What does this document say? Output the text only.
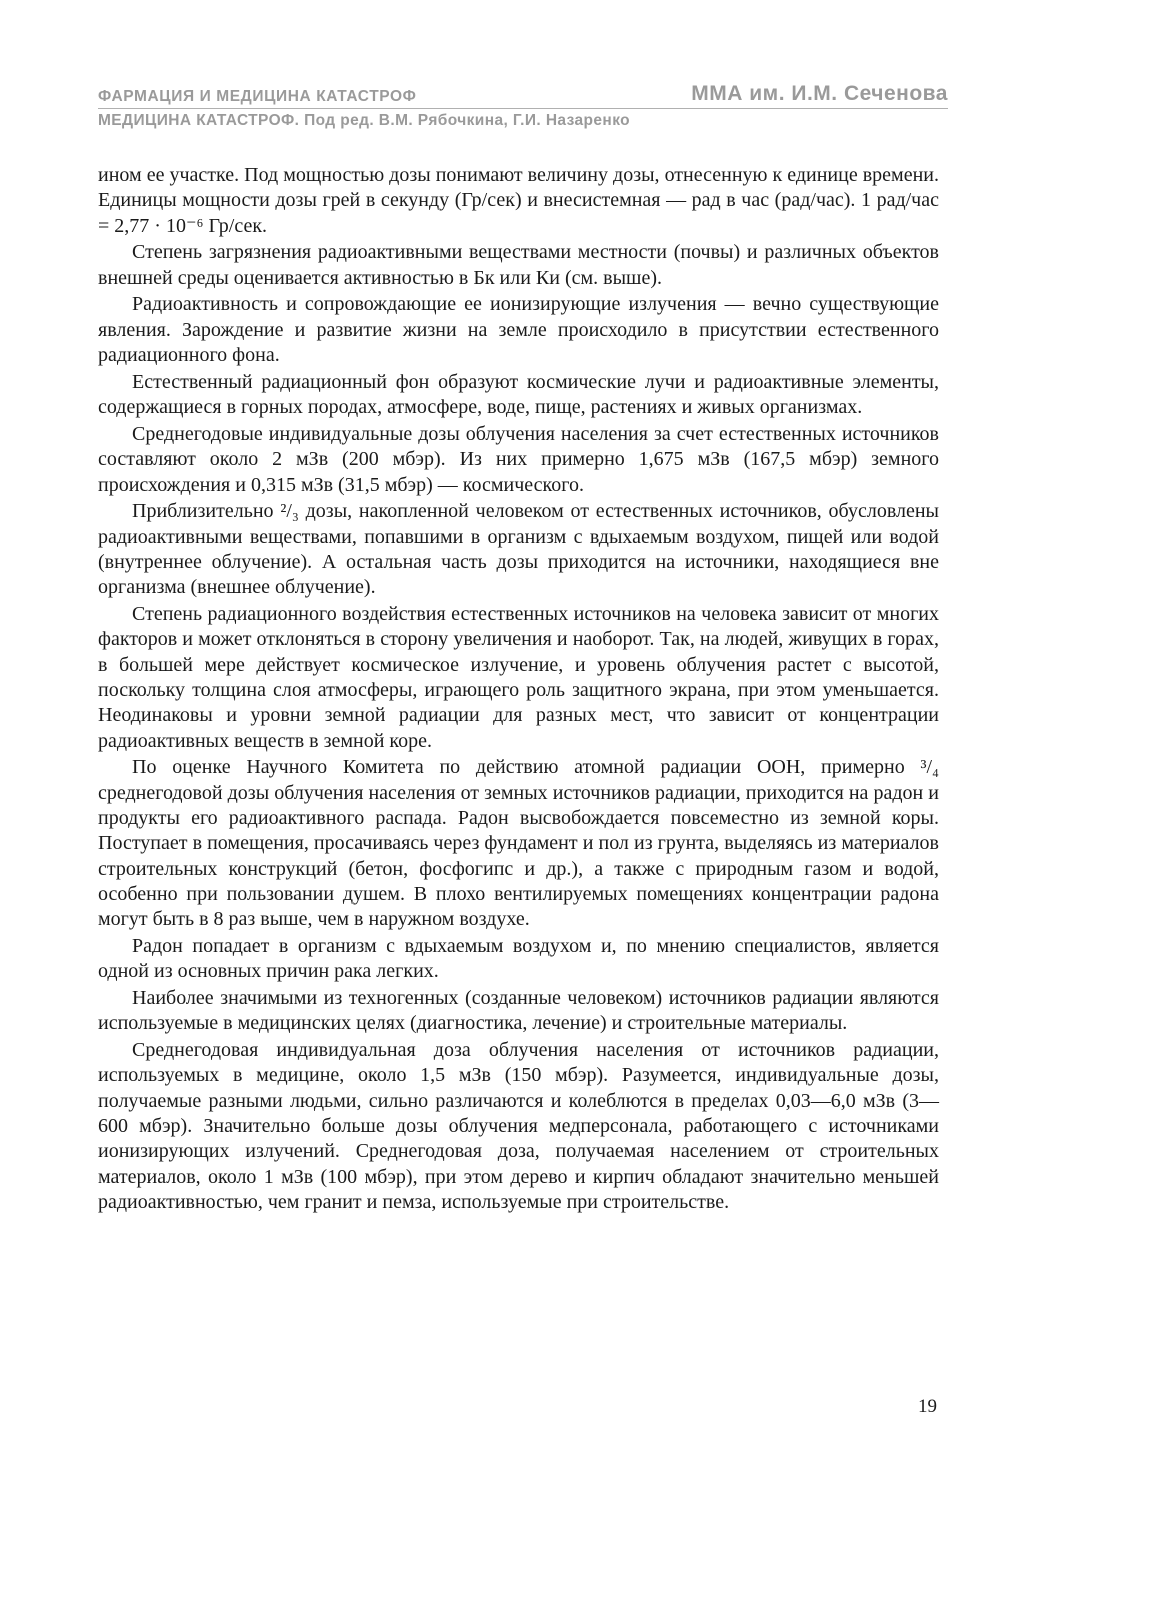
ФАРМАЦИЯ И МЕДИЦИНА КАТАСТРОФ	ММА им. И.М. Сеченова
МЕДИЦИНА КАТАСТРОФ. Под ред. В.М. Рябочкина, Г.И. Назаренко

ином ее участке. Под мощностью дозы понимают величину дозы, отнесенную к единице времени. Единицы мощности дозы грей в секунду (Гр/сек) и внесистемная — рад в час (рад/час). 1 рад/час = 2,77 · 10⁻⁶ Гр/сек.

Степень загрязнения радиоактивными веществами местности (почвы) и различных объектов внешней среды оценивается активностью в Бк или Ки (см. выше).

Радиоактивность и сопровождающие ее ионизирующие излучения — вечно существующие явления. Зарождение и развитие жизни на земле происходило в присутствии естественного радиационного фона.

Естественный радиационный фон образуют космические лучи и радиоактивные элементы, содержащиеся в горных породах, атмосфере, воде, пище, растениях и живых организмах.

Среднегодовые индивидуальные дозы облучения населения за счет естественных источников составляют около 2 мЗв (200 мбэр). Из них примерно 1,675 мЗв (167,5 мбэр) земного происхождения и 0,315 мЗв (31,5 мбэр) — космического.

Приблизительно ²/₃ дозы, накопленной человеком от естественных источников, обусловлены радиоактивными веществами, попавшими в организм с вдыхаемым воздухом, пищей или водой (внутреннее облучение). А остальная часть дозы приходится на источники, находящиеся вне организма (внешнее облучение).

Степень радиационного воздействия естественных источников на человека зависит от многих факторов и может отклоняться в сторону увеличения и наоборот. Так, на людей, живущих в горах, в большей мере действует космическое излучение, и уровень облучения растет с высотой, поскольку толщина слоя атмосферы, играющего роль защитного экрана, при этом уменьшается. Неодинаковы и уровни земной радиации для разных мест, что зависит от концентрации радиоактивных веществ в земной коре.

По оценке Научного Комитета по действию атомной радиации ООН, примерно ³/₄ среднегодовой дозы облучения населения от земных источников радиации, приходится на радон и продукты его радиоактивного распада. Радон высвобождается повсеместно из земной коры. Поступает в помещения, просачиваясь через фундамент и пол из грунта, выделяясь из материалов строительных конструкций (бетон, фосфогипс и др.), а также с природным газом и водой, особенно при пользовании душем. В плохо вентилируемых помещениях концентрации радона могут быть в 8 раз выше, чем в наружном воздухе.

Радон попадает в организм с вдыхаемым воздухом и, по мнению специалистов, является одной из основных причин рака легких.

Наиболее значимыми из техногенных (созданные человеком) источников радиации являются используемые в медицинских целях (диагностика, лечение) и строительные материалы.

Среднегодовая индивидуальная доза облучения населения от источников радиации, используемых в медицине, около 1,5 мЗв (150 мбэр). Разумеется, индивидуальные дозы, получаемые разными людьми, сильно различаются и колеблются в пределах 0,03—6,0 мЗв (3—600 мбэр). Значительно больше дозы облучения медперсонала, работающего с источниками ионизирующих излучений. Среднегодовая доза, получаемая населением от строительных материалов, около 1 мЗв (100 мбэр), при этом дерево и кирпич обладают значительно меньшей радиоактивностью, чем гранит и пемза, используемые при строительстве.

19
